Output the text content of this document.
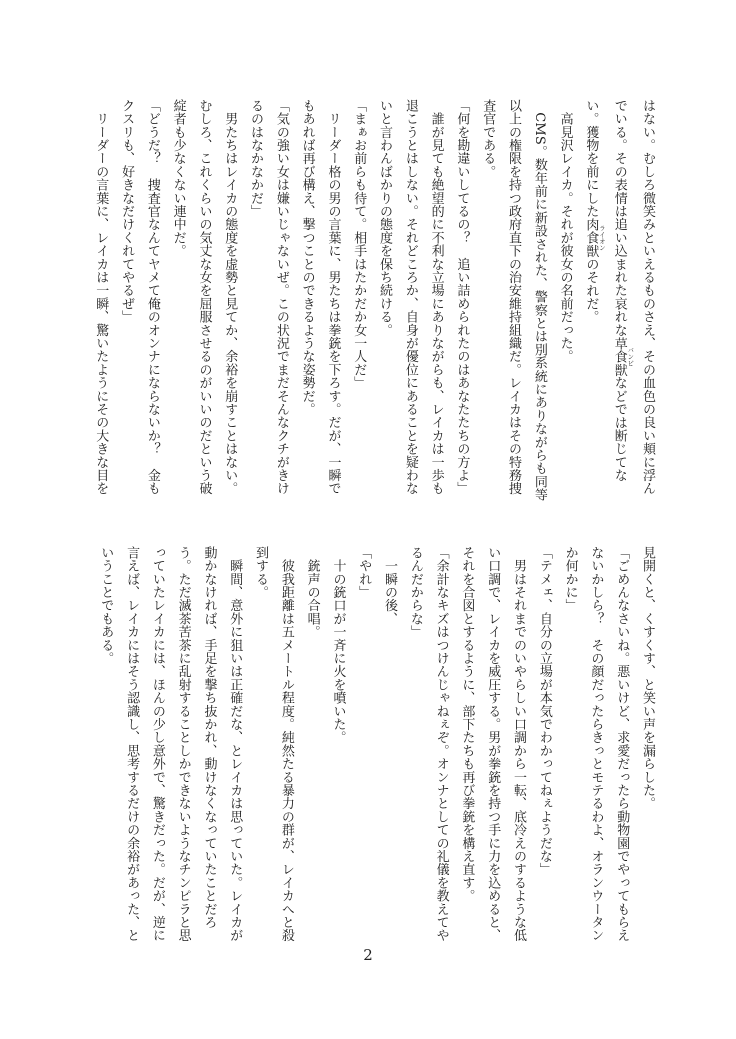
はない。むしろ微笑みといえるものさえ、その血色の良い頬に浮ん

でいる。その表情は追い込まれた哀れな草食獣 バンビなどでは断じてな

い。獲物を前にした肉食獣 ライオンのそれだ。

　高見沢レイカ。それが彼女の名前だった。

　CMS。数年前に新設された、警察とは別系統にありながらも同等

以上の権限を持つ政府直下の治安維持組織だ。レイカはその特務捜

査官である。

「何を勘違いしてるの？　追い詰められたのはあなたたちの方よ」

　誰が見ても絶望的に不利な立場にありながらも、レイカは一歩も

退こうとはしない。それどころか、自身が優位にあることを疑わな

いと言わんばかりの態度を保ち続ける。

「まぁお前らも待て。相手はたかだか女一人だ」

　リーダー格の男の言葉に、男たちは拳銃を下ろす。だが、一瞬で

もあれば再び構え、撃つことのできるような姿勢だ。

「気の強い女は嫌いじゃないぜ。この状況でまだそんなクチがきけ

るのはなかなかだ」

　男たちはレイカの態度を虚勢と見てか、余裕を崩すことはない。

むしろ、これくらいの気丈な女を屈服させるのがいいのだという破

綻者も少なくない連中だ。

「どうだ？　捜査官なんてヤメて俺のオンナにならないか？　金も

クスリも、好きなだけくれてやるぜ」

　リーダーの言葉に、レイカは一瞬、驚いたようにその大きな目を

見開くと、くすくす、と笑い声を漏らした。

「ごめんなさいね。悪いけど、求愛だったら動物園でやってもらえ

ないかしら？　その顔だったらきっとモテるわよ、オランウータン

か何かに」

「テメェ、自分の立場が本気でわかってねぇようだな」

　男はそれまでのいやらしい口調から一転、底冷えのするような低

い口調で、レイカを威圧する。男が拳銃を持つ手に力を込めると、

それを合図とするように、部下たちも再び拳銃を構え直す。

「余計なキズはつけんじゃねぇぞ。オンナとしての礼儀を教えてや

るんだからな」

　一瞬の後、

「やれ」

　十の銃口が一斉に火を噴いた。

　銃声の合唱。

　彼我距離は五メートル程度。純然たる暴力の群が、レイカへと殺

到する。

　瞬間、意外に狙いは正確だな、とレイカは思っていた。レイカが

動かなければ、手足を撃ち抜かれ、動けなくなっていたことだろ

う。ただ滅茶苦茶に乱射することしかできないようなチンピラと思

っていたレイカには、ほんの少し意外で、驚きだった。だが、逆に

言えば、レイカにはそう認識し、思考するだけの余裕があった、と

いうことでもある。

2
